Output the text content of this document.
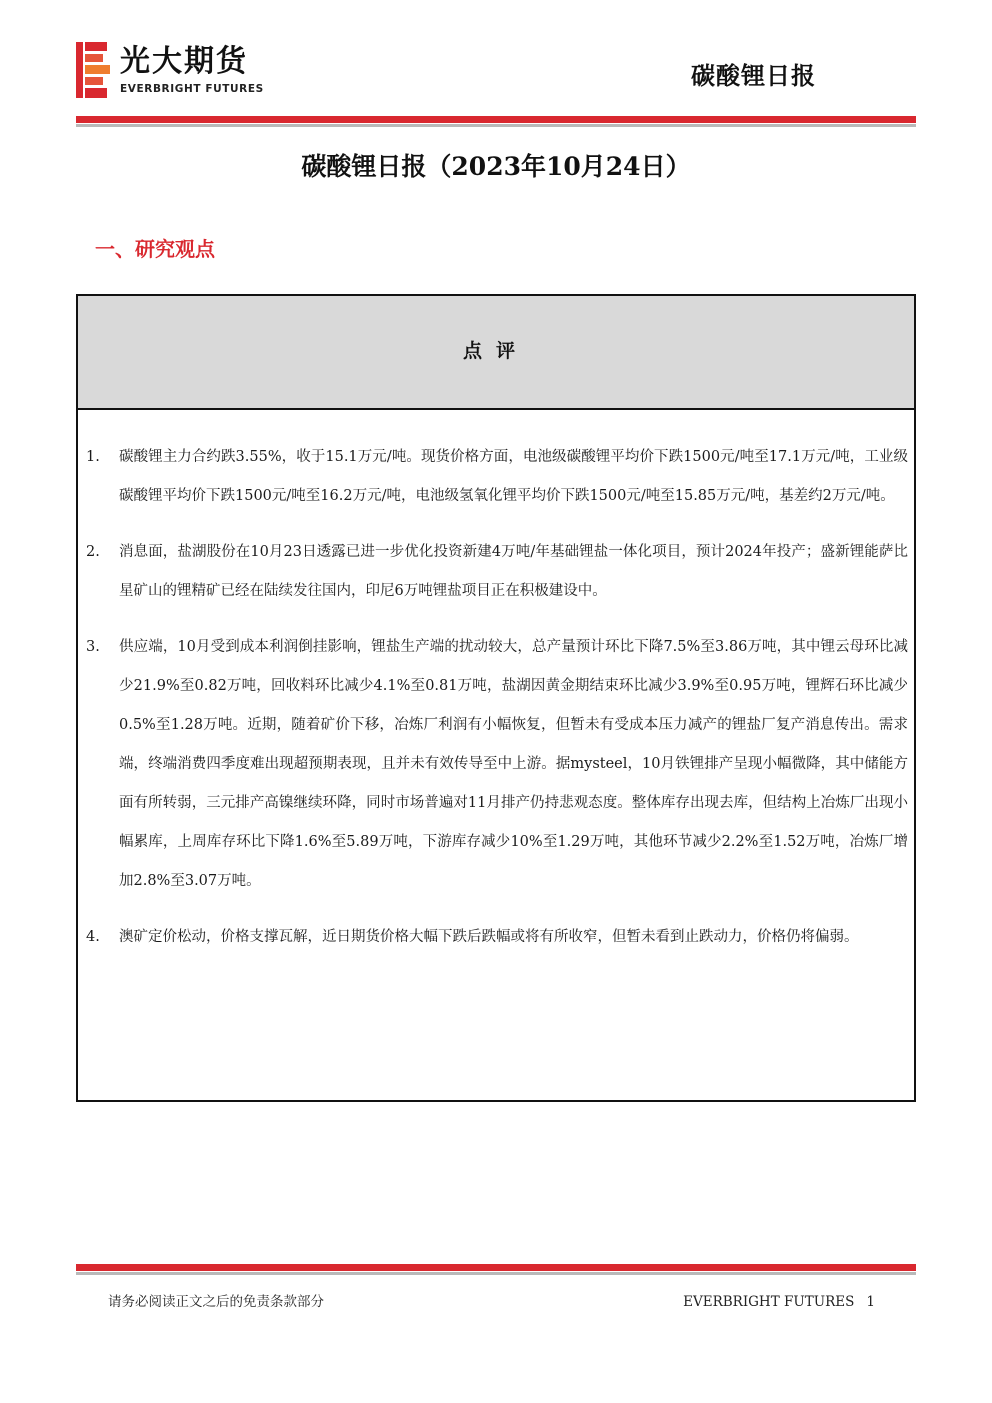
光大期货
EVERBRIGHT FUTURES	碳酸锂日报
碳酸锂日报（2023年10月24日）
一、研究观点
点评
1.	碳酸锂主力合约跌3.55%，收于15.1万元/吨。现货价格方面，电池级碳酸锂平均价下跌1500元/吨至17.1万元/吨，工业级碳酸锂平均价下跌1500元/吨至16.2万元/吨，电池级氢氧化锂平均价下跌1500元/吨至15.85万元/吨，基差约2万元/吨。
2.	消息面，盐湖股份在10月23日透露已进一步优化投资新建4万吨/年基础锂盐一体化项目，预计2024年投产；盛新锂能萨比星矿山的锂精矿已经在陆续发往国内，印尼6万吨锂盐项目正在积极建设中。
3.	供应端，10月受到成本利润倒挂影响，锂盐生产端的扰动较大，总产量预计环比下降7.5%至3.86万吨，其中锂云母环比减少21.9%至0.82万吨，回收料环比减少4.1%至0.81万吨，盐湖因黄金期结束环比减少3.9%至0.95万吨，锂辉石环比减少0.5%至1.28万吨。近期，随着矿价下移，冶炼厂利润有小幅恢复，但暂未有受成本压力减产的锂盐厂复产消息传出。需求端，终端消费四季度难出现超预期表现，且并未有效传导至中上游。据mysteel，10月铁锂排产呈现小幅微降，其中储能方面有所转弱，三元排产高镍继续环降，同时市场普遍对11月排产仍持悲观态度。整体库存出现去库，但结构上冶炼厂出现小幅累库，上周库存环比下降1.6%至5.89万吨，下游库存减少10%至1.29万吨，其他环节减少2.2%至1.52万吨，冶炼厂增加2.8%至3.07万吨。
4.	澳矿定价松动，价格支撑瓦解，近日期货价格大幅下跌后跌幅或将有所收窄，但暂未看到止跌动力，价格仍将偏弱。
请务必阅读正文之后的免责条款部分	EVERBRIGHT FUTURES 1
